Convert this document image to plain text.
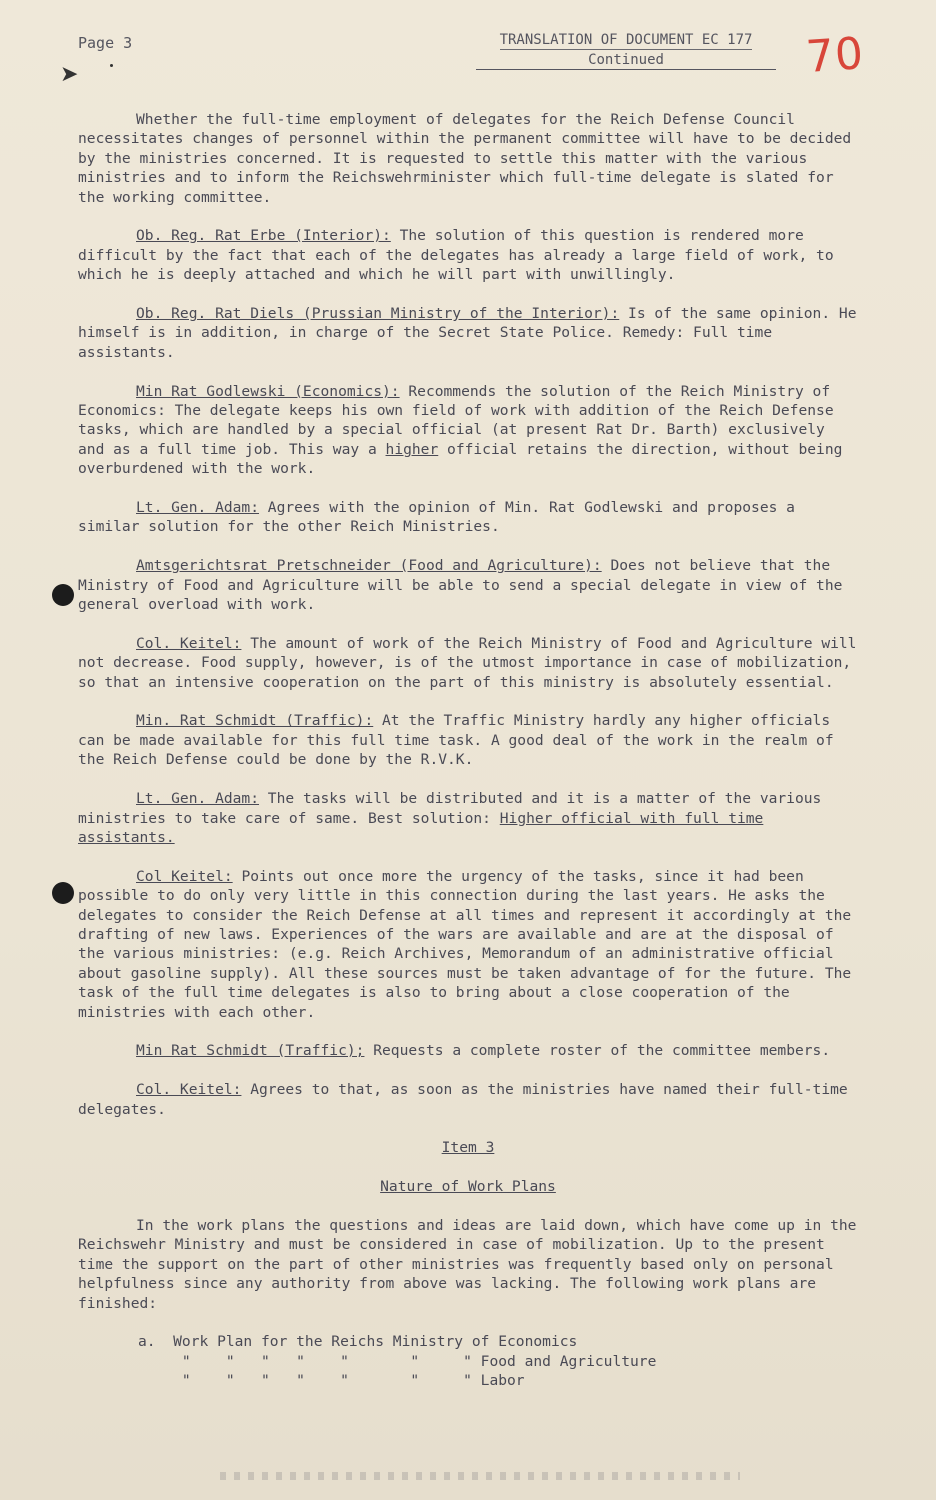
Page 3	TRANSLATION OF DOCUMENT EC 177
Continued	70
➤

Whether the full-time employment of delegates for the Reich Defense Council necessitates changes of personnel within the permanent committee will have to be decided by the ministries concerned. It is requested to settle this matter with the various ministries and to inform the Reichswehrminister which full-time delegate is slated for the working committee.

Ob. Reg. Rat Erbe (Interior): The solution of this question is rendered more difficult by the fact that each of the delegates has already a large field of work, to which he is deeply attached and which he will part with unwillingly.

Ob. Reg. Rat Diels (Prussian Ministry of the Interior): Is of the same opinion. He himself is in addition, in charge of the Secret State Police. Remedy: Full time assistants.

Min Rat Godlewski (Economics): Recommends the solution of the Reich Ministry of Economics: The delegate keeps his own field of work with addition of the Reich Defense tasks, which are handled by a special official (at present Rat Dr. Barth) exclusively and as a full time job. This way a higher official retains the direction, without being overburdened with the work.

Lt. Gen. Adam: Agrees with the opinion of Min. Rat Godlewski and proposes a similar solution for the other Reich Ministries.

Amtsgerichtsrat Pretschneider (Food and Agriculture): Does not believe that the Ministry of Food and Agriculture will be able to send a special delegate in view of the general overload with work.

Col. Keitel: The amount of work of the Reich Ministry of Food and Agriculture will not decrease. Food supply, however, is of the utmost importance in case of mobilization, so that an intensive cooperation on the part of this ministry is absolutely essential.

Min. Rat Schmidt (Traffic): At the Traffic Ministry hardly any higher officials can be made available for this full time task. A good deal of the work in the realm of the Reich Defense could be done by the R.V.K.

Lt. Gen. Adam: The tasks will be distributed and it is a matter of the various ministries to take care of same. Best solution: Higher official with full time assistants.

Col Keitel: Points out once more the urgency of the tasks, since it had been possible to do only very little in this connection during the last years. He asks the delegates to consider the Reich Defense at all times and represent it accordingly at the drafting of new laws. Experiences of the wars are available and are at the disposal of the various ministries: (e.g. Reich Archives, Memorandum of an administrative official about gasoline supply). All these sources must be taken advantage of for the future. The task of the full time delegates is also to bring about a close cooperation of the ministries with each other.

Min Rat Schmidt (Traffic); Requests a complete roster of the committee members.

Col. Keitel: Agrees to that, as soon as the ministries have named their full-time delegates.

Item 3

Nature of Work Plans

In the work plans the questions and ideas are laid down, which have come up in the Reichswehr Ministry and must be considered in case of mobilization. Up to the present time the support on the part of other ministries was frequently based only on personal helpfulness since any authority from above was lacking. The following work plans are finished:

a.  Work Plan for the Reichs Ministry of Economics
"    "   "   "    "       "     " Food and Agriculture
"    "   "   "    "       "     " Labor
